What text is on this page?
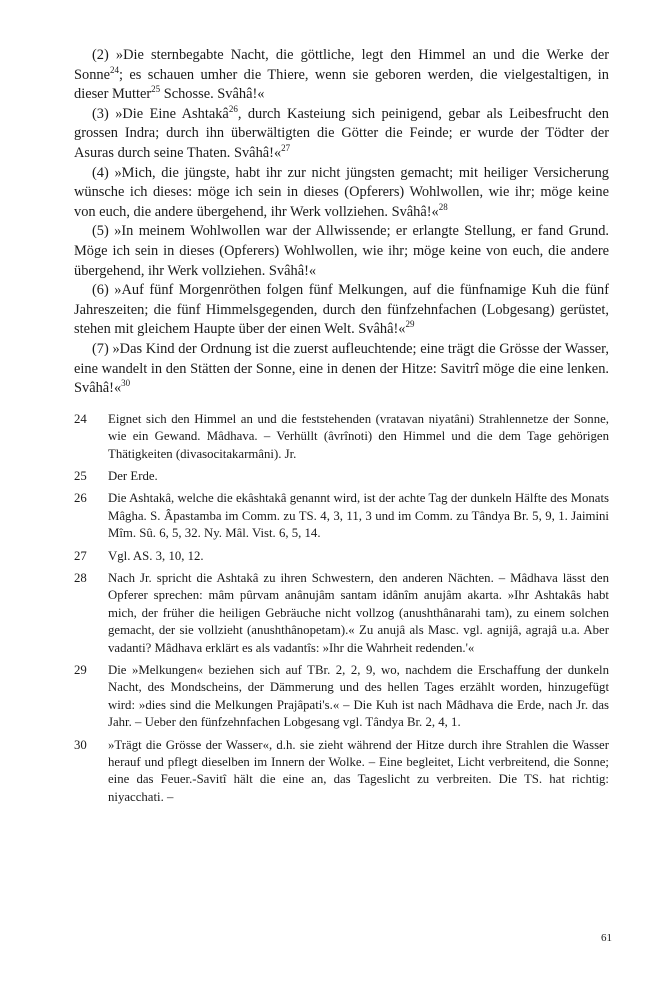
(2) »Die sternbegabte Nacht, die göttliche, legt den Himmel an und die Werke der Sonne$^{24}$; es schauen umher die Thiere, wenn sie geboren werden, die vielgestaltigen, in dieser Mutter$^{25}$ Schosse. Svâhâ!«

(3) »Die Eine Ashtakâ$^{26}$, durch Kasteiung sich peinigend, gebar als Leibesfrucht den grossen Indra; durch ihn überwältigten die Götter die Feinde; er wurde der Tödter der Asuras durch seine Thaten. Svâhâ!«$^{27}$

(4) »Mich, die jüngste, habt ihr zur nicht jüngsten gemacht; mit heiliger Versicherung wünsche ich dieses: möge ich sein in dieses (Opferers) Wohlwollen, wie ihr; möge keine von euch, die andere übergehend, ihr Werk vollziehen. Svâhâ!«$^{28}$

(5) »In meinem Wohlwollen war der Allwissende; er erlangte Stellung, er fand Grund. Möge ich sein in dieses (Opferers) Wohlwollen, wie ihr; möge keine von euch, die andere übergehend, ihr Werk vollziehen. Svâhâ!«

(6) »Auf fünf Morgenröthen folgen fünf Melkungen, auf die fünfnamige Kuh die fünf Jahreszeiten; die fünf Himmelsgegenden, durch den fünfzehnfachen (Lobgesang) gerüstet, stehen mit gleichem Haupte über der einen Welt. Svâhâ!«$^{29}$

(7) »Das Kind der Ordnung ist die zuerst aufleuchtende; eine trägt die Grösse der Wasser, eine wandelt in den Stätten der Sonne, eine in denen der Hitze: Savitrî möge die eine lenken. Svâhâ!«$^{30}$

24	Eignet sich den Himmel an und die feststehenden (vratavan niyatâni) Strahlennetze der Sonne, wie ein Gewand. Mâdhava. – Verhüllt (âvrînoti) den Himmel und die dem Tage gehörigen Thätigkeiten (divasocitakarmâni). Jr.
25	Der Erde.
26	Die Ashtakâ, welche die ekâshtakâ genannt wird, ist der achte Tag der dunkeln Hälfte des Monats Mâgha. S. Âpastamba im Comm. zu TS. 4, 3, 11, 3 und im Comm. zu Tândya Br. 5, 9, 1. Jaimini Mîm. Sû. 6, 5, 32. Ny. Mâl. Vist. 6, 5, 14.
27	Vgl. AS. 3, 10, 12.
28	Nach Jr. spricht die Ashtakâ zu ihren Schwestern, den anderen Nächten. – Mâdhava lässt den Opferer sprechen: mâm pûrvam anânujâm santam idânîm anujâm akarta. »Ihr Ashtakâs habt mich, der früher die heiligen Gebräuche nicht vollzog (anushthânarahi tam), zu einem solchen gemacht, der sie vollzieht (anushthânopetam).« Zu anujâ als Masc. vgl. agnijâ, agrajâ u.a. Aber vadanti? Mâdhava erklärt es als vadantîs: »Ihr die Wahrheit redenden.'«
29	Die »Melkungen« beziehen sich auf TBr. 2, 2, 9, wo, nachdem die Erschaffung der dunkeln Nacht, des Mondscheins, der Dämmerung und des hellen Tages erzählt worden, hinzugefügt wird: »dies sind die Melkungen Prajâpati's.« – Die Kuh ist nach Mâdhava die Erde, nach Jr. das Jahr. – Ueber den fünfzehnfachen Lobgesang vgl. Tândya Br. 2, 4, 1.
30	»Trägt die Grösse der Wasser«, d.h. sie zieht während der Hitze durch ihre Strahlen die Wasser herauf und pflegt dieselben im Innern der Wolke. – Eine begleitet, Licht verbreitend, die Sonne; eine das Feuer.-Savitî hält die eine an, das Tageslicht zu verbreiten. Die TS. hat richtig: niyacchati. –
61
